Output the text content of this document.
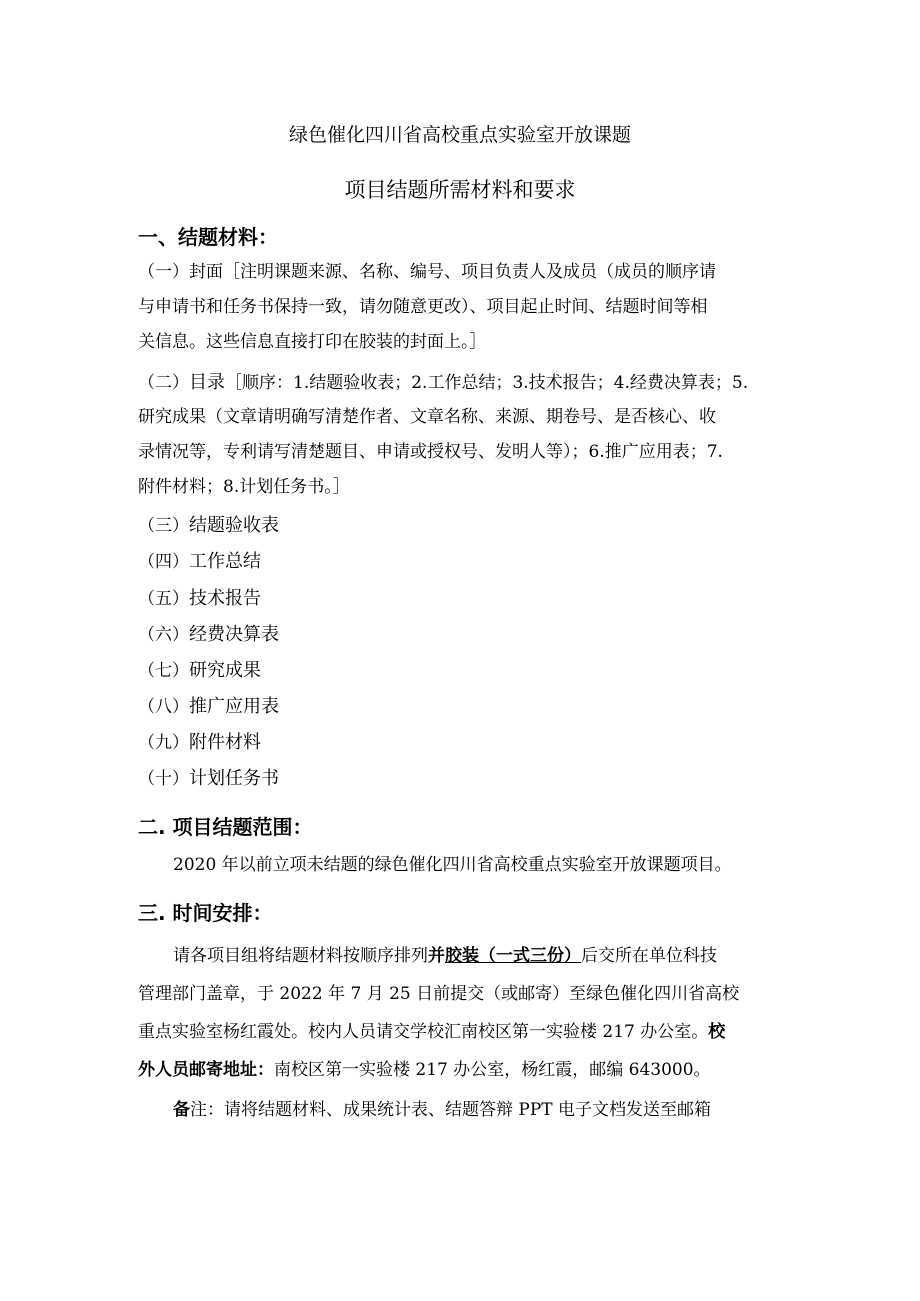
绿色催化四川省高校重点实验室开放课题

项目结题所需材料和要求

一、结题材料：
（一）封面［注明课题来源、名称、编号、项目负责人及成员（成员的顺序请
与申请书和任务书保持一致，请勿随意更改）、项目起止时间、结题时间等相
关信息。这些信息直接打印在胶装的封面上。］
（二）目录［顺序：1.结题验收表；2.工作总结；3.技术报告；4.经费决算表；5.
研究成果（文章请明确写清楚作者、文章名称、来源、期卷号、是否核心、收
录情况等，专利请写清楚题目、申请或授权号、发明人等）；6.推广应用表；7.
附件材料；8.计划任务书。］
（三）结题验收表
（四）工作总结
（五）技术报告
（六）经费决算表
（七）研究成果
（八）推广应用表
（九）附件材料
（十）计划任务书
二. 项目结题范围：

2020 年以前立项未结题的绿色催化四川省高校重点实验室开放课题项目。

三. 时间安排：
请各项目组将结题材料按顺序排列并胶装（一式三份）后交所在单位科技
管理部门盖章，于 2022 年 7 月 25 日前提交（或邮寄）至绿色催化四川省高校
重点实验室杨红霞处。校内人员请交学校汇南校区第一实验楼 217 办公室。校
外人员邮寄地址：南校区第一实验楼 217 办公室，杨红霞，邮编 643000。

备注：请将结题材料、成果统计表、结题答辩 PPT 电子文档发送至邮箱
